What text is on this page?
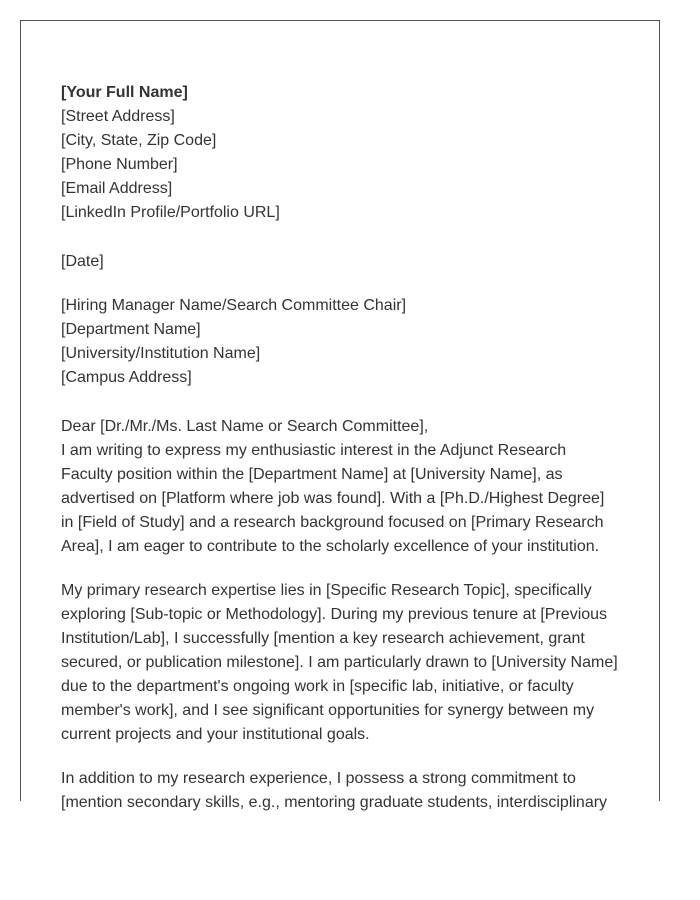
[Your Full Name]
[Street Address]
[City, State, Zip Code]
[Phone Number]
[Email Address]
[LinkedIn Profile/Portfolio URL]
[Date]
[Hiring Manager Name/Search Committee Chair]
[Department Name]
[University/Institution Name]
[Campus Address]
Dear [Dr./Mr./Ms. Last Name or Search Committee],

I am writing to express my enthusiastic interest in the Adjunct Research
Faculty position within the [Department Name] at [University Name], as
advertised on [Platform where job was found]. With a [Ph.D./Highest Degree]
in [Field of Study] and a research background focused on [Primary Research
Area], I am eager to contribute to the scholarly excellence of your institution.

My primary research expertise lies in [Specific Research Topic], specifically
exploring [Sub-topic or Methodology]. During my previous tenure at [Previous
Institution/Lab], I successfully [mention a key research achievement, grant
secured, or publication milestone]. I am particularly drawn to [University Name]
due to the department's ongoing work in [specific lab, initiative, or faculty
member's work], and I see significant opportunities for synergy between my
current projects and your institutional goals.

In addition to my research experience, I possess a strong commitment to
[mention secondary skills, e.g., mentoring graduate students, interdisciplinary
